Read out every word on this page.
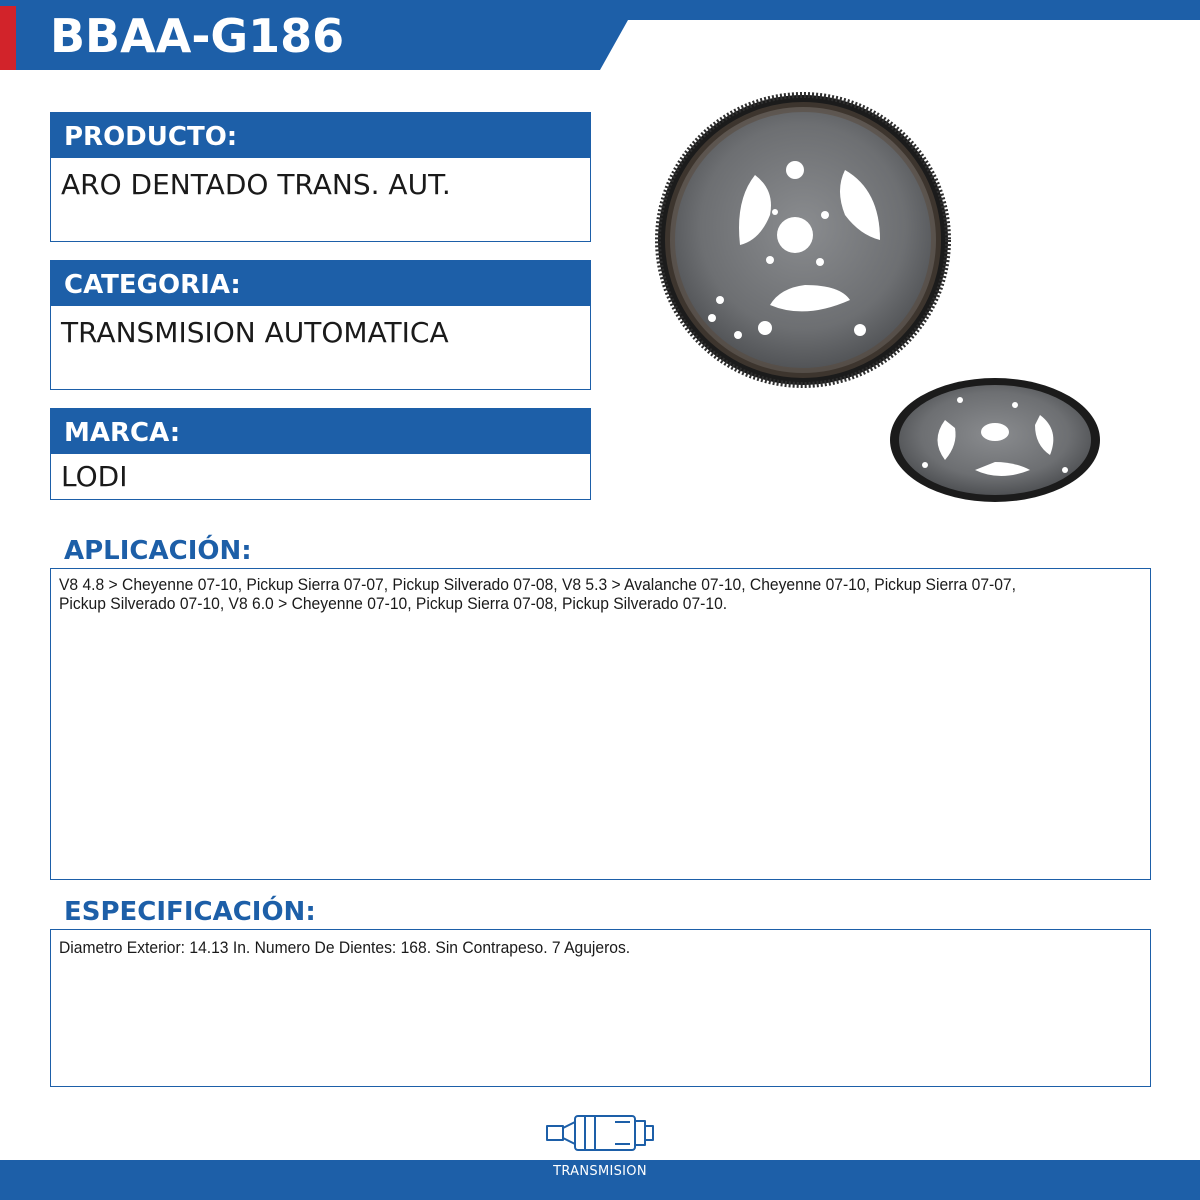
BBAA-G186
PRODUCTO:
ARO DENTADO TRANS. AUT.
CATEGORIA:
TRANSMISION AUTOMATICA
MARCA:
LODI
APLICACIÓN:

V8 4.8 > Cheyenne 07-10, Pickup Sierra 07-07, Pickup Silverado 07-08, V8 5.3 > Avalanche 07-10, Cheyenne 07-10, Pickup Sierra 07-07,

Pickup Silverado 07-10, V8 6.0 > Cheyenne 07-10, Pickup Sierra 07-08, Pickup Silverado 07-10.

ESPECIFICACIÓN:

Diametro Exterior: 14.13 In. Numero De Dientes: 168. Sin Contrapeso. 7 Agujeros.

TRANSMISION
